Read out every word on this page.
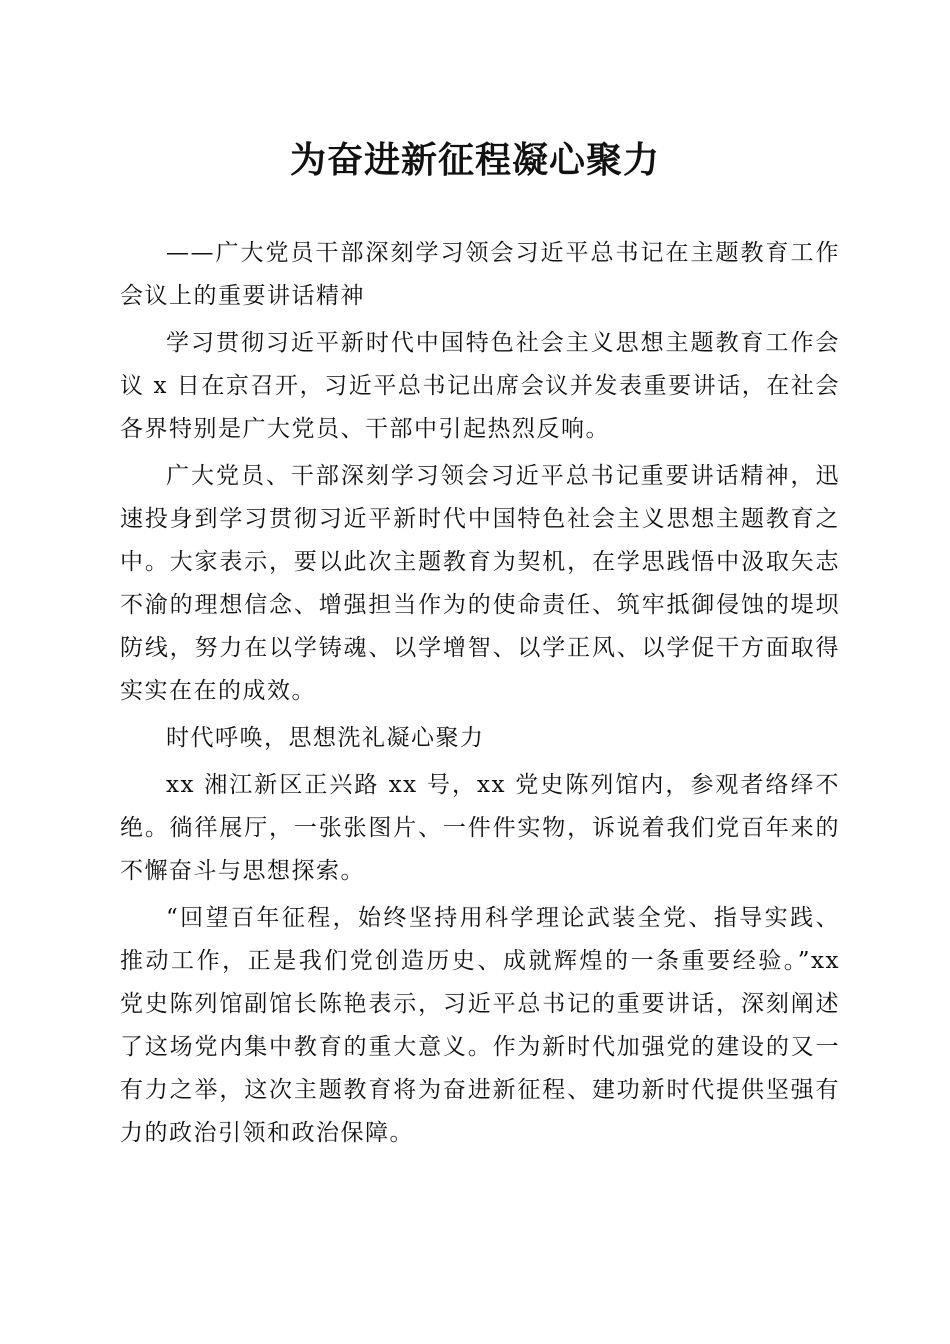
为奋进新征程凝心聚力

——广大党员干部深刻学习领会习近平总书记在主题教育工作会议上的重要讲话精神

学习贯彻习近平新时代中国特色社会主义思想主题教育工作会议 x 日在京召开，习近平总书记出席会议并发表重要讲话，在社会各界特别是广大党员、干部中引起热烈反响。

广大党员、干部深刻学习领会习近平总书记重要讲话精神，迅速投身到学习贯彻习近平新时代中国特色社会主义思想主题教育之中。大家表示，要以此次主题教育为契机，在学思践悟中汲取矢志不渝的理想信念、增强担当作为的使命责任、筑牢抵御侵蚀的堤坝防线，努力在以学铸魂、以学增智、以学正风、以学促干方面取得实实在在的成效。

时代呼唤，思想洗礼凝心聚力

xx 湘江新区正兴路 xx 号，xx 党史陈列馆内，参观者络绎不绝。徜徉展厅，一张张图片、一件件实物，诉说着我们党百年来的不懈奋斗与思想探索。

“回望百年征程，始终坚持用科学理论武装全党、指导实践、推动工作，正是我们党创造历史、成就辉煌的一条重要经验。”xx 党史陈列馆副馆长陈艳表示，习近平总书记的重要讲话，深刻阐述了这场党内集中教育的重大意义。作为新时代加强党的建设的又一有力之举，这次主题教育将为奋进新征程、建功新时代提供坚强有力的政治引领和政治保障。
